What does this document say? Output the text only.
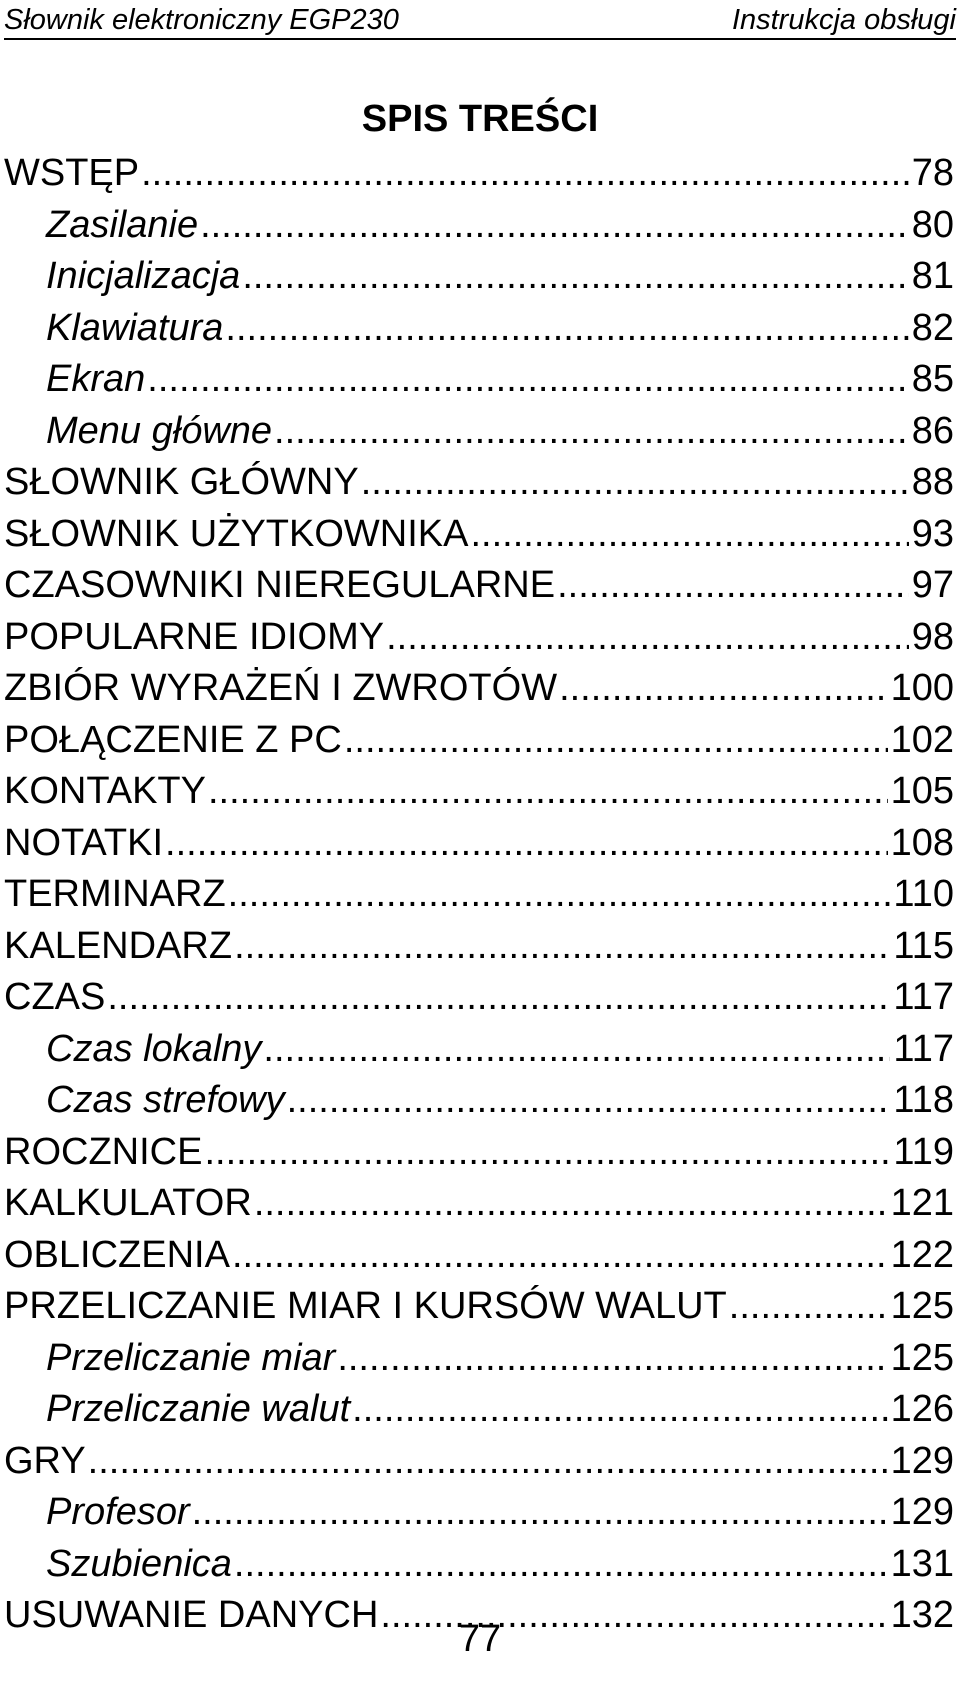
Słownik elektroniczny EGP230	Instrukcja obsługi
SPIS TREŚCI
WSTĘP .....	78
Zasilanie .....	80
Inicjalizacja .....	81
Klawiatura .....	82
Ekran .....	85
Menu główne .....	86
SŁOWNIK GŁÓWNY .....	88
SŁOWNIK UŻYTKOWNIKA .....	93
CZASOWNIKI NIEREGULARNE .....	97
POPULARNE IDIOMY .....	98
ZBIÓR WYRAŻEŃ I ZWROTÓW .....	100
POŁĄCZENIE Z PC .....	102
KONTAKTY .....	105
NOTATKI .....	108
TERMINARZ .....	110
KALENDARZ .....	115
CZAS .....	117
Czas lokalny .....	117
Czas strefowy .....	118
ROCZNICE .....	119
KALKULATOR .....	121
OBLICZENIA .....	122
PRZELICZANIE MIAR I KURSÓW WALUT .....	125
Przeliczanie miar .....	125
Przeliczanie walut .....	126
GRY .....	129
Profesor .....	129
Szubienica .....	131
USUWANIE DANYCH .....	132
77
